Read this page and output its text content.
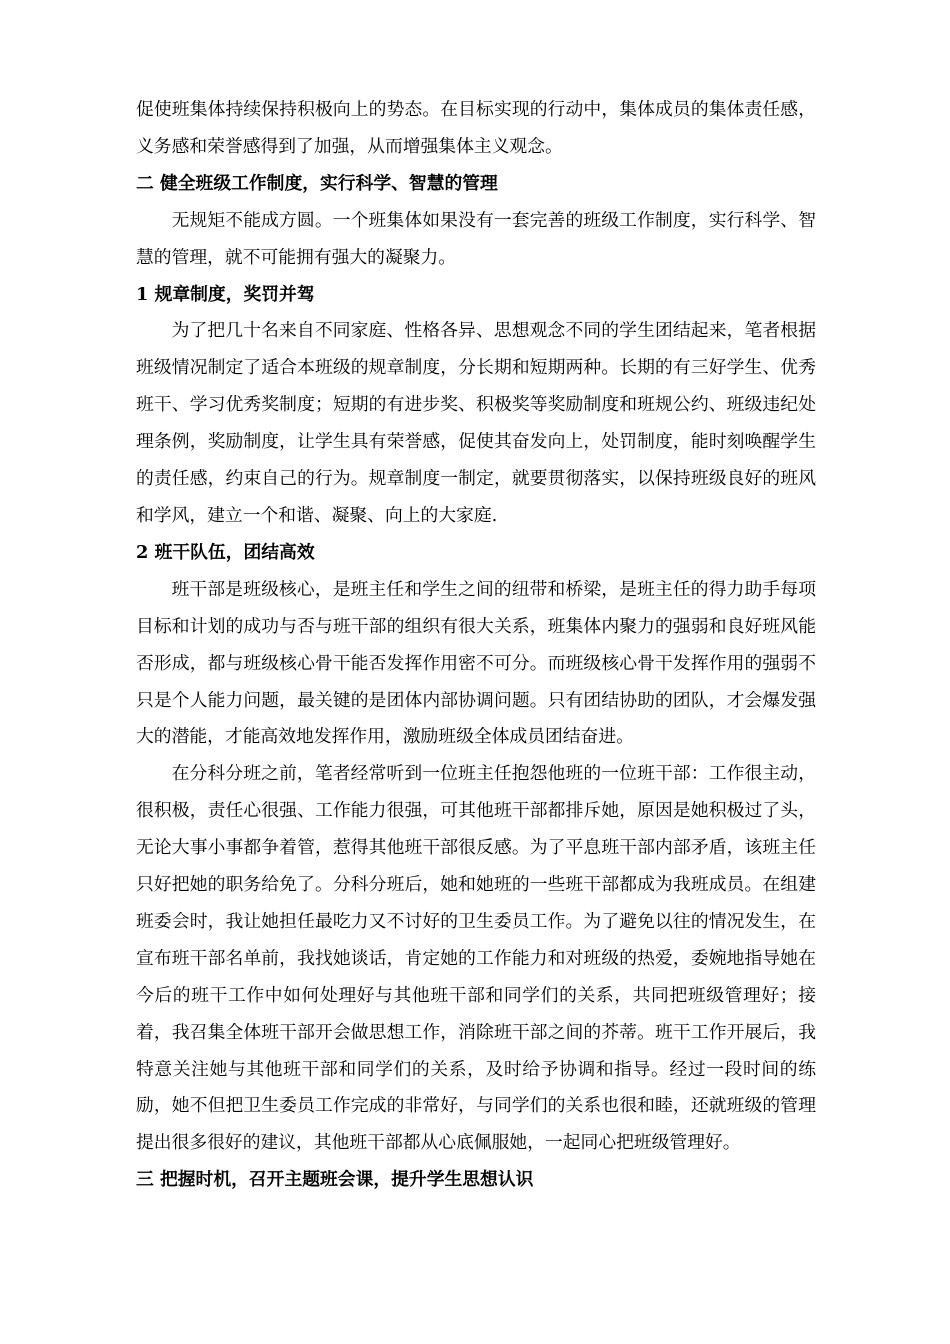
促使班集体持续保持积极向上的势态。在目标实现的行动中，集体成员的集体责任感，义务感和荣誉感得到了加强，从而增强集体主义观念。

二 健全班级工作制度，实行科学、智慧的管理

无规矩不能成方圆。一个班集体如果没有一套完善的班级工作制度，实行科学、智慧的管理，就不可能拥有强大的凝聚力。

1 规章制度，奖罚并驾

为了把几十名来自不同家庭、性格各异、思想观念不同的学生团结起来，笔者根据班级情况制定了适合本班级的规章制度，分长期和短期两种。长期的有三好学生、优秀班干、学习优秀奖制度；短期的有进步奖、积极奖等奖励制度和班规公约、班级违纪处理条例，奖励制度，让学生具有荣誉感，促使其奋发向上，处罚制度，能时刻唤醒学生的责任感，约束自己的行为。规章制度一制定，就要贯彻落实，以保持班级良好的班风和学风，建立一个和谐、凝聚、向上的大家庭.

2 班干队伍，团结高效

班干部是班级核心，是班主任和学生之间的纽带和桥梁，是班主任的得力助手每项目标和计划的成功与否与班干部的组织有很大关系，班集体内聚力的强弱和良好班风能否形成，都与班级核心骨干能否发挥作用密不可分。而班级核心骨干发挥作用的强弱不只是个人能力问题，最关键的是团体内部协调问题。只有团结协助的团队，才会爆发强大的潜能，才能高效地发挥作用，激励班级全体成员团结奋进。

在分科分班之前，笔者经常听到一位班主任抱怨他班的一位班干部：工作很主动，很积极，责任心很强、工作能力很强，可其他班干部都排斥她，原因是她积极过了头，无论大事小事都争着管，惹得其他班干部很反感。为了平息班干部内部矛盾，该班主任只好把她的职务给免了。分科分班后，她和她班的一些班干部都成为我班成员。在组建班委会时，我让她担任最吃力又不讨好的卫生委员工作。为了避免以往的情况发生，在宣布班干部名单前，我找她谈话，肯定她的工作能力和对班级的热爱，委婉地指导她在今后的班干工作中如何处理好与其他班干部和同学们的关系，共同把班级管理好；接着，我召集全体班干部开会做思想工作，消除班干部之间的芥蒂。班干工作开展后，我特意关注她与其他班干部和同学们的关系，及时给予协调和指导。经过一段时间的练励，她不但把卫生委员工作完成的非常好，与同学们的关系也很和睦，还就班级的管理提出很多很好的建议，其他班干部都从心底佩服她，一起同心把班级管理好。

三 把握时机，召开主题班会课，提升学生思想认识
